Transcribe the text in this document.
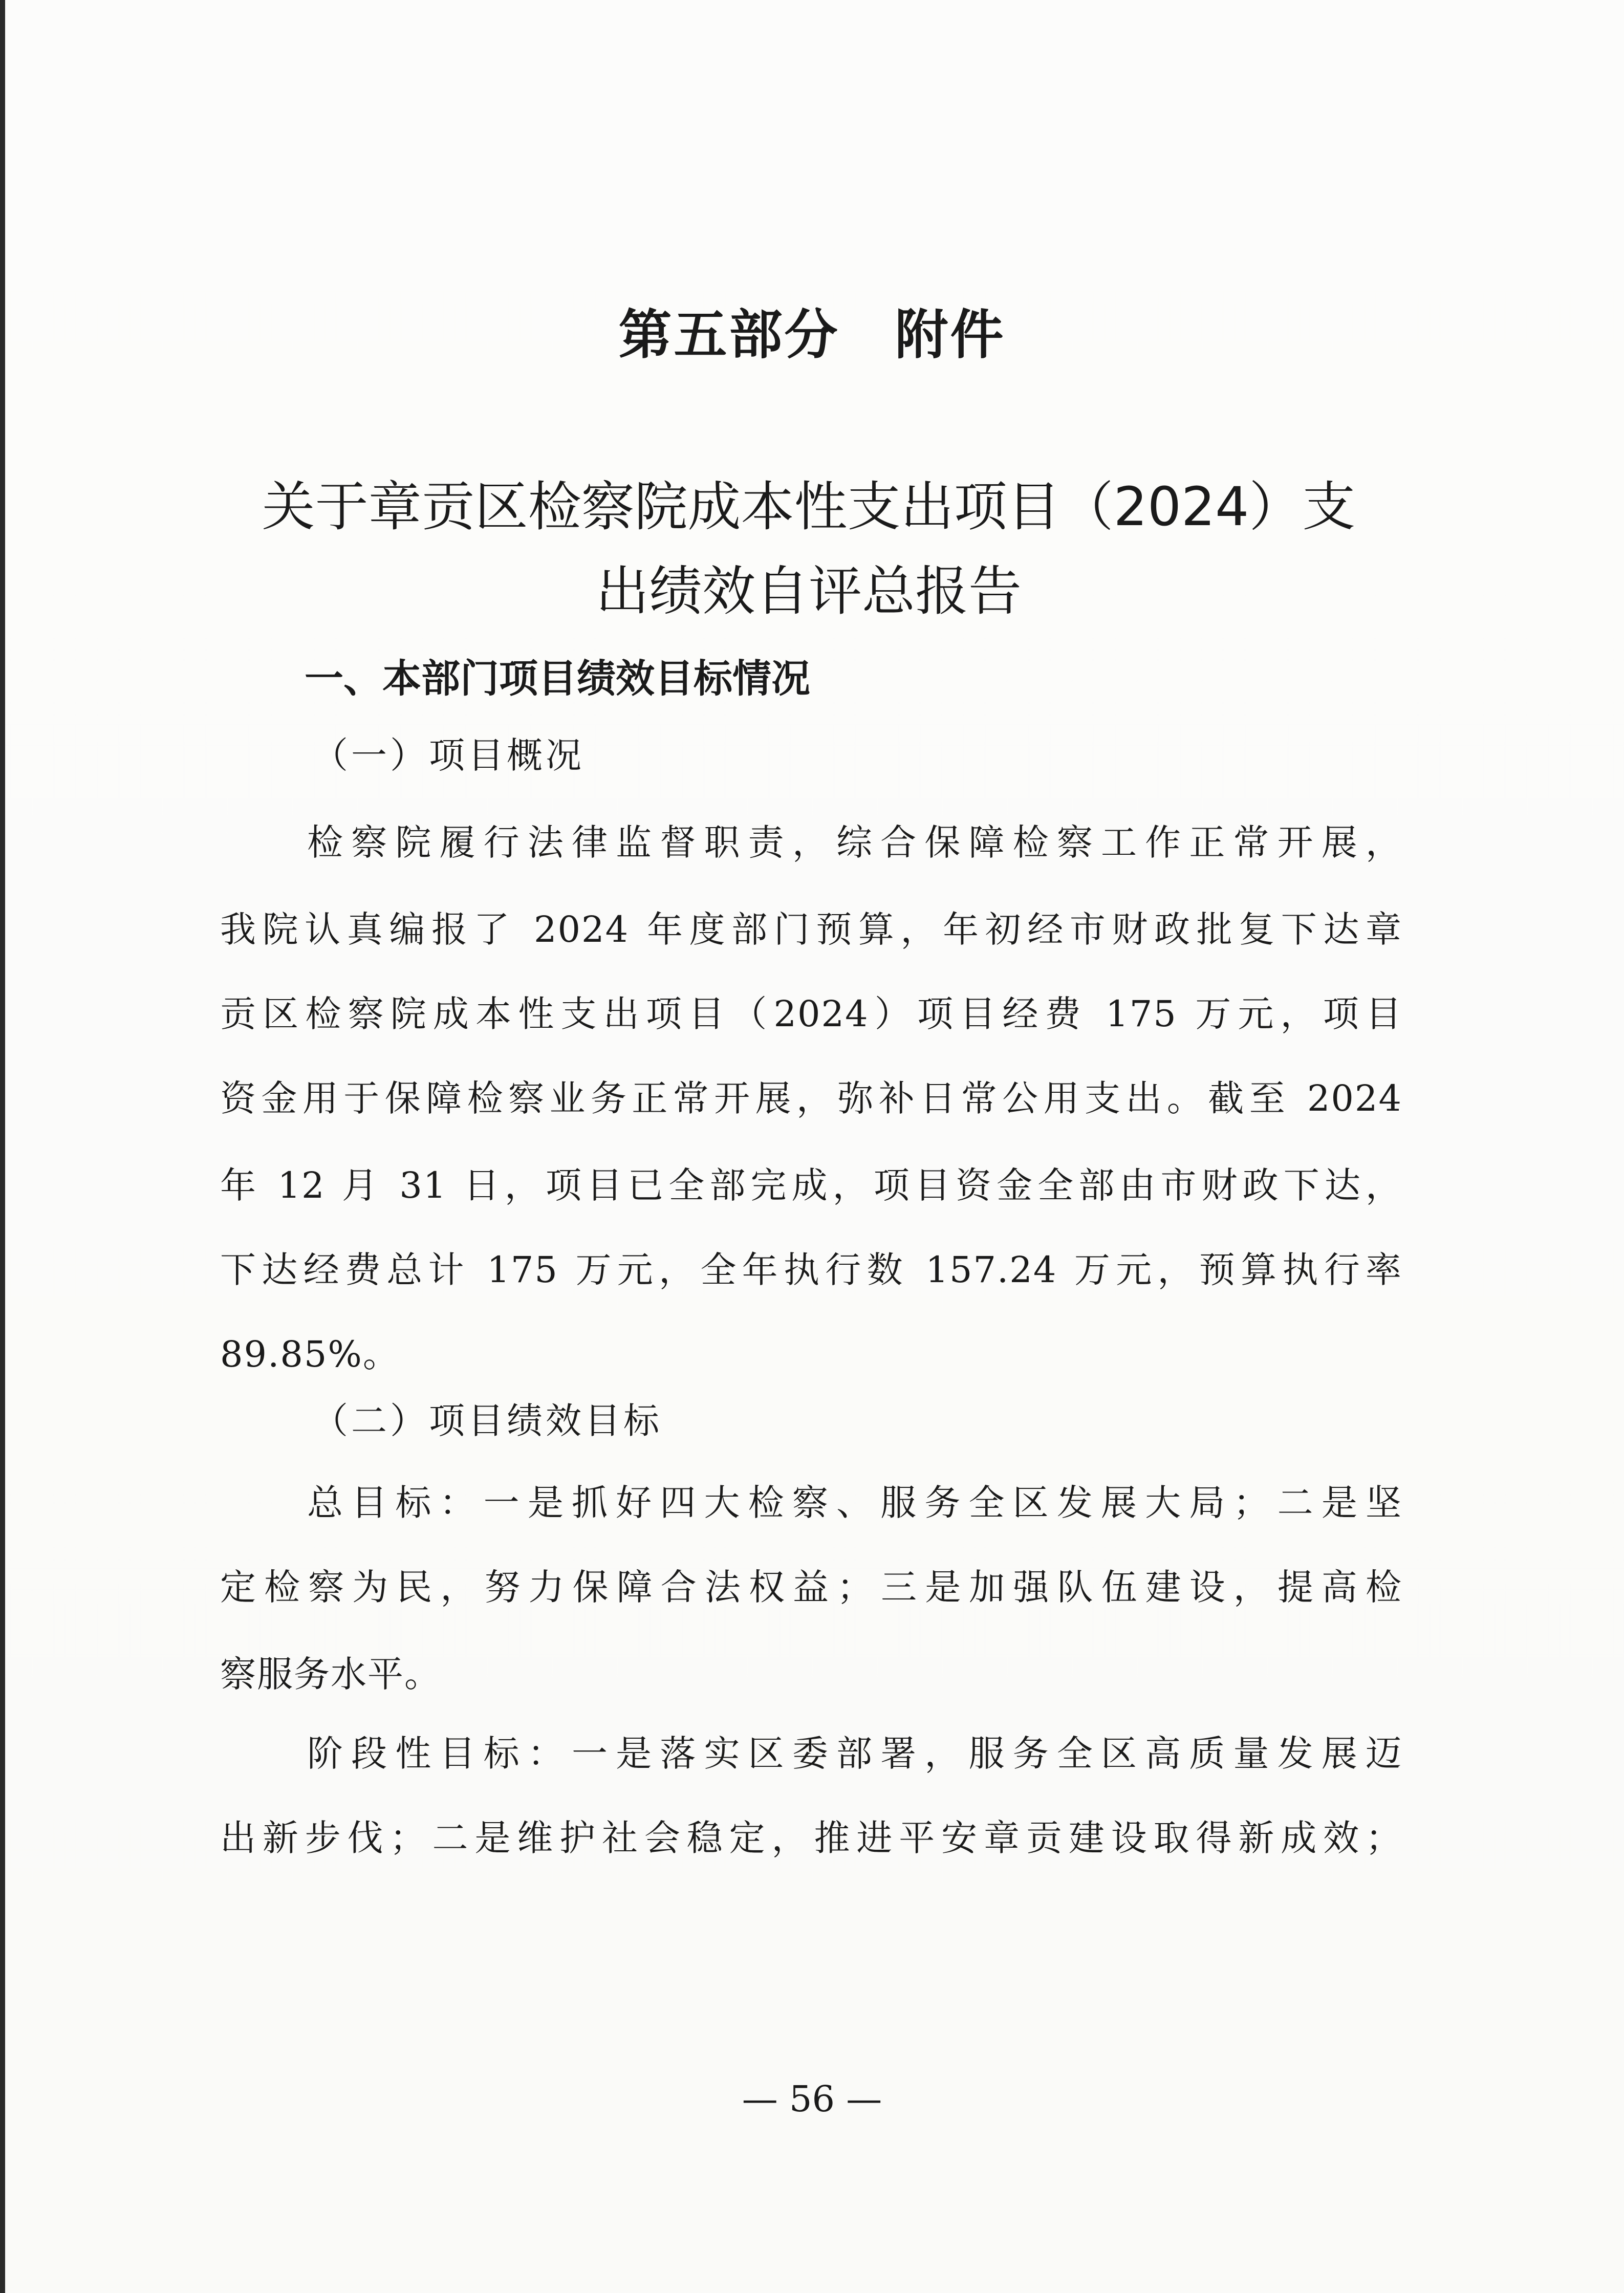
第五部分　附件
关于章贡区检察院成本性支出项目（2024）支
出绩效自评总报告
一、本部门项目绩效目标情况
（一）项目概况
检察院履行法律监督职责，综合保障检察工作正常开展，
我院认真编报了 2024 年度部门预算，年初经市财政批复下达章
贡区检察院成本性支出项目（2024）项目经费 175 万元，项目
资金用于保障检察业务正常开展，弥补日常公用支出。截至 2024
年 12 月 31 日，项目已全部完成，项目资金全部由市财政下达，
下达经费总计 175 万元，全年执行数 157.24 万元，预算执行率
89.85%。
（二）项目绩效目标
总目标：一是抓好四大检察、服务全区发展大局；二是坚
定检察为民，努力保障合法权益；三是加强队伍建设，提高检
察服务水平。
阶段性目标：一是落实区委部署，服务全区高质量发展迈
出新步伐；二是维护社会稳定，推进平安章贡建设取得新成效；
— 56 —
